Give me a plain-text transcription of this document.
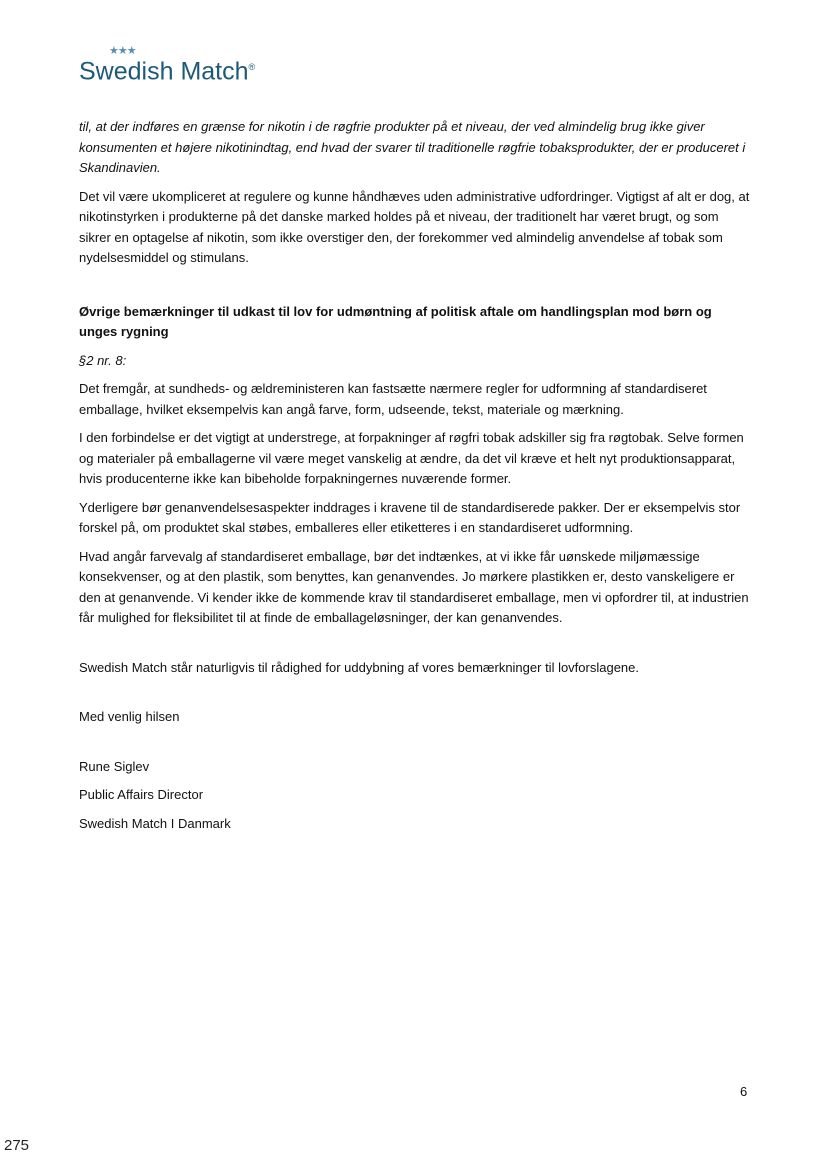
★★★
Swedish Match®

til, at der indføres en grænse for nikotin i de røgfrie produkter på et niveau, der ved almindelig brug ikke giver konsumenten et højere nikotinindtag, end hvad der svarer til traditionelle røgfrie tobaksprodukter, der er produceret i Skandinavien.

Det vil være ukompliceret at regulere og kunne håndhæves uden administrative udfordringer. Vigtigst af alt er dog, at nikotinstyrken i produkterne på det danske marked holdes på et niveau, der traditionelt har været brugt, og som sikrer en optagelse af nikotin, som ikke overstiger den, der forekommer ved almindelig anvendelse af tobak som nydelsesmiddel og stimulans.

Øvrige bemærkninger til udkast til lov for udmøntning af politisk aftale om handlingsplan mod børn og unges rygning

§2 nr. 8:

Det fremgår, at sundheds- og ældreministeren kan fastsætte nærmere regler for udformning af standardiseret emballage, hvilket eksempelvis kan angå farve, form, udseende, tekst, materiale og mærkning.

I den forbindelse er det vigtigt at understrege, at forpakninger af røgfri tobak adskiller sig fra røgtobak. Selve formen og materialer på emballagerne vil være meget vanskelig at ændre, da det vil kræve et helt nyt produktionsapparat, hvis producenterne ikke kan bibeholde forpakningernes nuværende former.

Yderligere bør genanvendelsesaspekter inddrages i kravene til de standardiserede pakker. Der er eksempelvis stor forskel på, om produktet skal støbes, emballeres eller etiketteres i en standardiseret udformning.

Hvad angår farvevalg af standardiseret emballage, bør det indtænkes, at vi ikke får uønskede miljømæssige konsekvenser, og at den plastik, som benyttes, kan genanvendes. Jo mørkere plastikken er, desto vanskeligere er den at genanvende. Vi kender ikke de kommende krav til standardiseret emballage, men vi opfordrer til, at industrien får mulighed for fleksibilitet til at finde de emballageløsninger, der kan genanvendes.

Swedish Match står naturligvis til rådighed for uddybning af vores bemærkninger til lovforslagene.

Med venlig hilsen

Rune Siglev

Public Affairs Director

Swedish Match I Danmark

6
275
